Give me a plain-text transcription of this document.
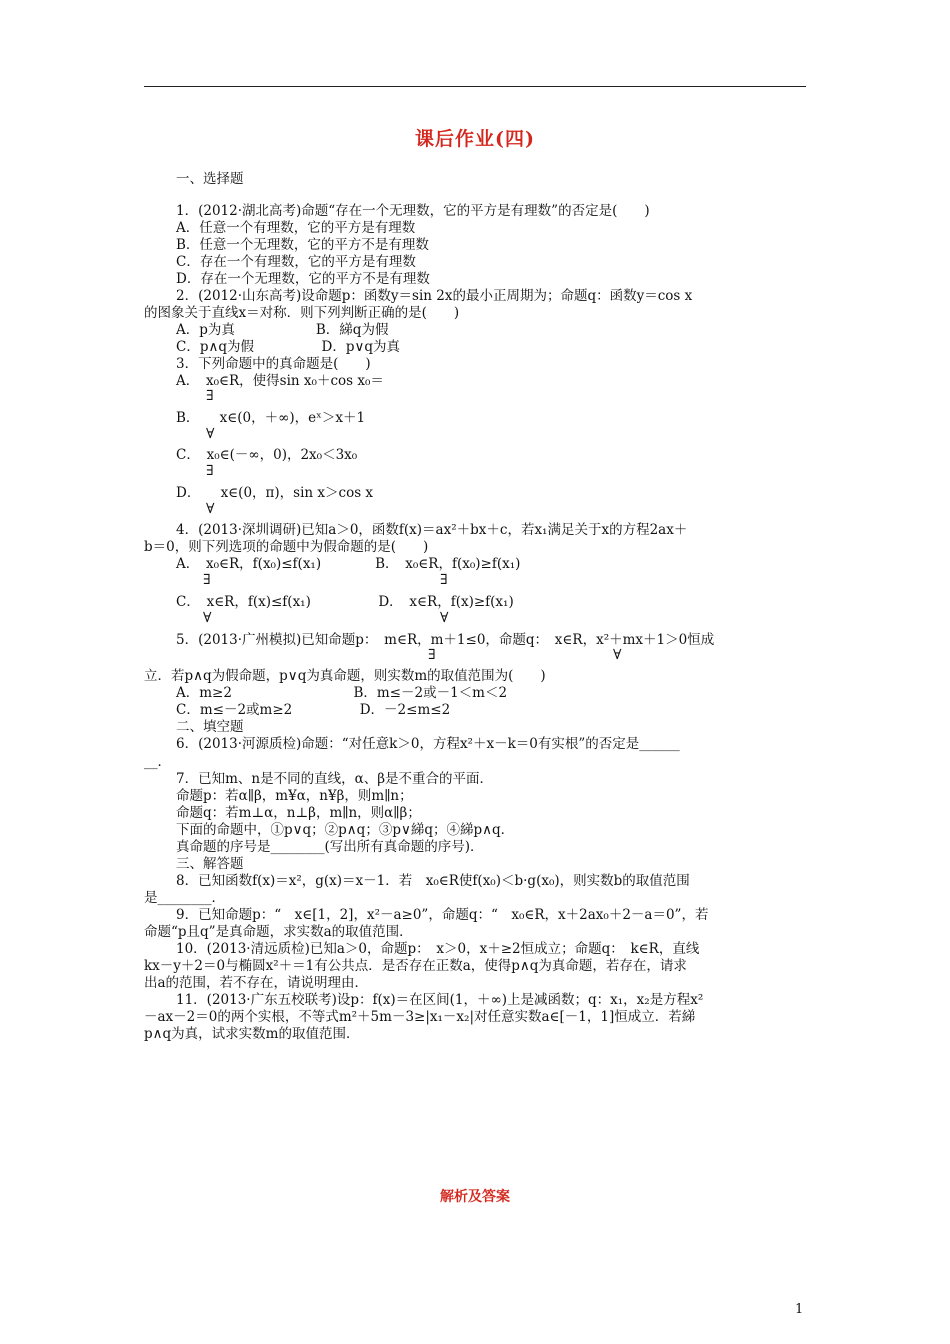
课后作业(四)
一、选择题
1．(2012·湖北高考)命题“存在一个无理数，它的平方是有理数”的否定是(　　)
A．任意一个有理数，它的平方是有理数
B．任意一个无理数，它的平方不是有理数
C．存在一个有理数，它的平方是有理数
D．存在一个无理数，它的平方不是有理数
2．(2012·山东高考)设命题p：函数y＝sin 2x的最小正周期为；命题q：函数y＝cos x
的图象关于直线x＝对称．则下列判断正确的是(　　)
A．p为真　　　　　　B．綈q为假
C．p∧q为假　　　　　D．p∨q为真
3．下列命题中的真命题是(　　)
A．　x₀∈R，使得sin x₀＋cos x₀＝
∃
B．　　x∈(0，＋∞)，eˣ＞x＋1
∀
C．　x₀∈(－∞，0)，2x₀＜3x₀
∃
D．　　x∈(0，π)，sin x＞cos x
∀
4．(2013·深圳调研)已知a＞0，函数f(x)＝ax²＋bx＋c，若x₁满足关于x的方程2ax＋
b＝0，则下列选项的命题中为假命题的是(　　)
A．　x₀∈R，f(x₀)≤f(x₁)　　　　B．　x₀∈R，f(x₀)≥f(x₁)
∃	∃
C．　x∈R，f(x)≤f(x₁)　　　　　D．　x∈R，f(x)≥f(x₁)
∀	∀
5．(2013·广州模拟)已知命题p：　m∈R，m＋1≤0，命题q：　x∈R，x²＋mx＋1＞0恒成
∃	∀
立．若p∧q为假命题，p∨q为真命题，则实数m的取值范围为(　　)
A．m≥2　　　　　　　　　B．m≤－2或－1＜m＜2
C．m≤－2或m≥2　　　　　D．－2≤m≤2
二、填空题
6．(2013·河源质检)命题：“对任意k＞0，方程x²＋x－k＝0有实根”的否定是______
__．
7．已知m、n是不同的直线，α、β是不重合的平面．
命题p：若α∥β，m¥α，n¥β，则m∥n；
命题q：若m⊥α，n⊥β，m∥n，则α∥β；
下面的命题中，①p∨q；②p∧q；③p∨綈q；④綈p∧q．
真命题的序号是________(写出所有真命题的序号)．
三、解答题
8．已知函数f(x)＝x²，g(x)＝x－1．若　x₀∈R使f(x₀)＜b·g(x₀)，则实数b的取值范围
是________．
9．已知命题p：“　x∈[1，2]，x²－a≥0”，命题q：“　x₀∈R，x＋2ax₀＋2－a＝0”，若
命题“p且q”是真命题，求实数a的取值范围．
10．(2013·清远质检)已知a＞0，命题p：　x＞0，x＋≥2恒成立；命题q：　k∈R，直线
kx－y＋2＝0与椭圆x²＋＝1有公共点．是否存在正数a，使得p∧q为真命题，若存在，请求
出a的范围，若不存在，请说明理由．
11．(2013·广东五校联考)设p：f(x)＝在区间(1，＋∞)上是减函数；q：x₁，x₂是方程x²
－ax－2＝0的两个实根，不等式m²＋5m－3≥|x₁－x₂|对任意实数a∈[－1，1]恒成立．若綈
p∧q为真，试求实数m的取值范围．
解析及答案
1
